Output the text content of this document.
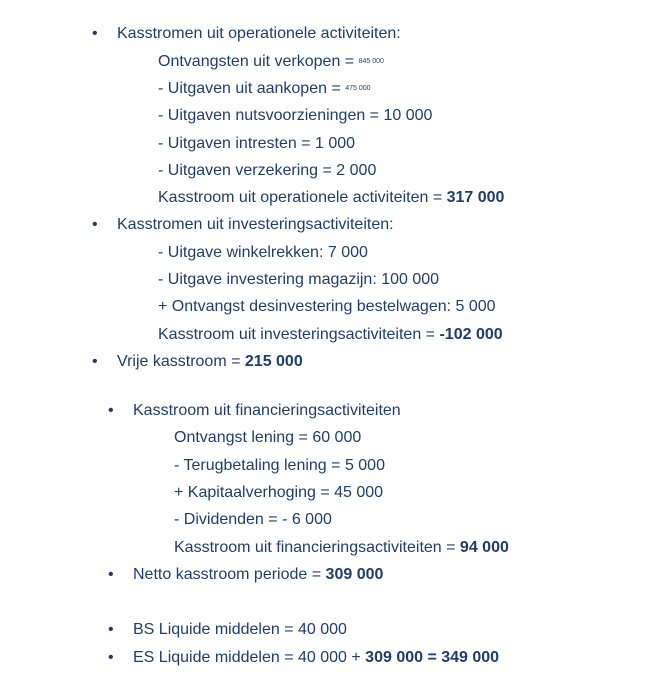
• Kasstromen uit operationele activiteiten:
Ontvangsten uit verkopen = 845 000
- Uitgaven uit aankopen = 475 000
- Uitgaven nutsvoorzieningen = 10 000
- Uitgaven intresten = 1 000
- Uitgaven verzekering = 2 000
Kasstroom uit operationele activiteiten = 317 000
• Kasstromen uit investeringsactiviteiten:
- Uitgave winkelrekken: 7 000
- Uitgave investering magazijn: 100 000
+ Ontvangst desinvestering bestelwagen: 5 000
Kasstroom uit investeringsactiviteiten = -102 000
• Vrije kasstroom = 215 000
• Kasstroom uit financieringsactiviteiten
Ontvangst lening = 60 000
- Terugbetaling lening = 5 000
+ Kapitaalverhoging = 45 000
- Dividenden = - 6 000
Kasstroom uit financieringsactiviteiten = 94 000
• Netto kasstroom periode = 309 000
• BS Liquide middelen = 40 000
• ES Liquide middelen = 40 000 + 309 000 = 349 000
